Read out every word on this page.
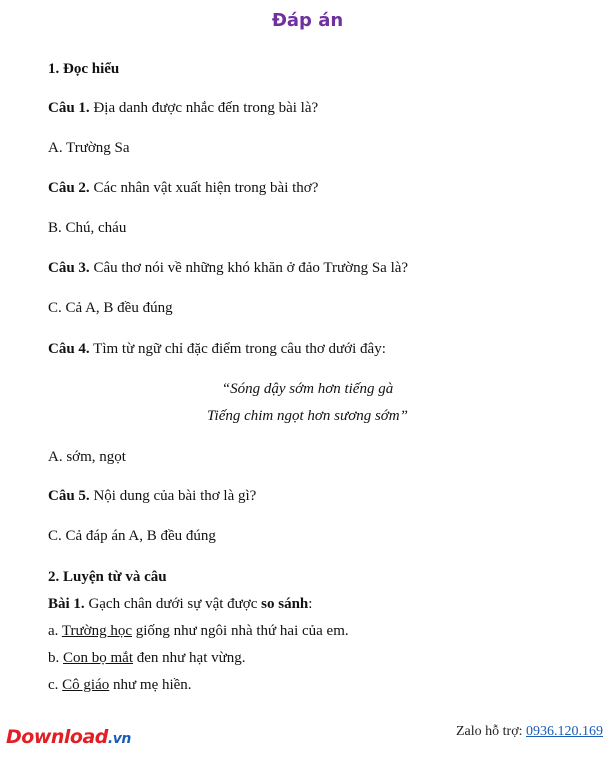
Đáp án
1. Đọc hiểu
Câu 1. Địa danh được nhắc đến trong bài là?
A. Trường Sa
Câu 2. Các nhân vật xuất hiện trong bài thơ?
B. Chú, cháu
Câu 3. Câu thơ nói về những khó khăn ở đảo Trường Sa là?
C. Cả A, B đều đúng
Câu 4. Tìm từ ngữ chỉ đặc điểm trong câu thơ dưới đây:
“Sóng dậy sớm hơn tiếng gà
Tiếng chim ngọt hơn sương sớm”
A. sớm, ngọt
Câu 5. Nội dung của bài thơ là gì?
C. Cả đáp án A, B đều đúng
2. Luyện từ và câu
Bài 1. Gạch chân dưới sự vật được so sánh:
a. Trường học giống như ngôi nhà thứ hai của em.
b. Con bọ mắt đen như hạt vừng.
c. Cô giáo như mẹ hiền.
Download.vn	Zalo hỗ trợ: 0936.120.169
